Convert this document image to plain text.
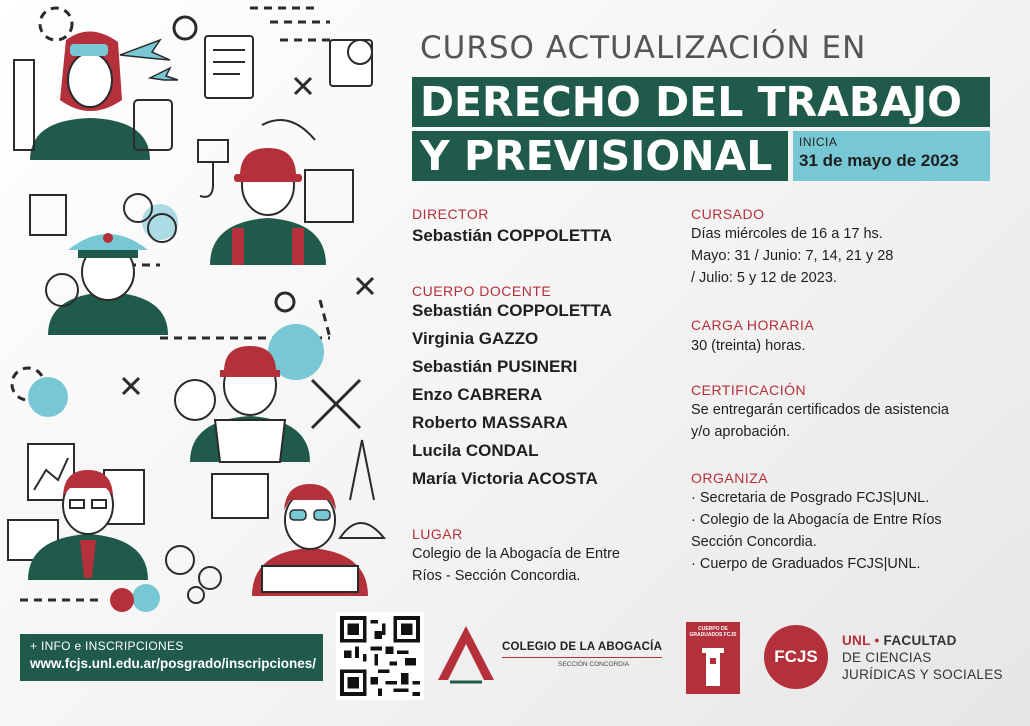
CURSO ACTUALIZACIÓN EN
DERECHO DEL TRABAJO
Y PREVISIONAL	INICIA
31 de mayo de 2023
DIRECTOR
Sebastián COPPOLETTA
CUERPO DOCENTE
Sebastián COPPOLETTA
Virginia GAZZO
Sebastián PUSINERI
Enzo CABRERA
Roberto MASSARA
Lucila CONDAL
María Victoria ACOSTA
LUGAR
Colegio de la Abogacía de Entre
Ríos - Sección Concordia.
CURSADO
Días miércoles de 16 a 17 hs.
Mayo: 31 / Junio: 7, 14, 21 y 28
/ Julio: 5 y 12 de 2023.
CARGA HORARIA
30 (treinta) horas.
CERTIFICACIÓN
Se entregarán certificados de asistencia
y/o aprobación.
ORGANIZA
· Secretaria de Posgrado FCJS|UNL.
· Colegio de la Abogacía de Entre Ríos
Sección Concordia.
· Cuerpo de Graduados FCJS|UNL.
+ INFO e INSCRIPCIONES
www.fcjs.unl.edu.ar/posgrado/inscripciones/
COLEGIO DE LA ABOGACÍA
SECCIÓN CONCORDIA
CUERPO DE GRADUADOS FCJS
FCJS
UNL • FACULTAD
DE CIENCIAS
JURÍDICAS Y SOCIALES
